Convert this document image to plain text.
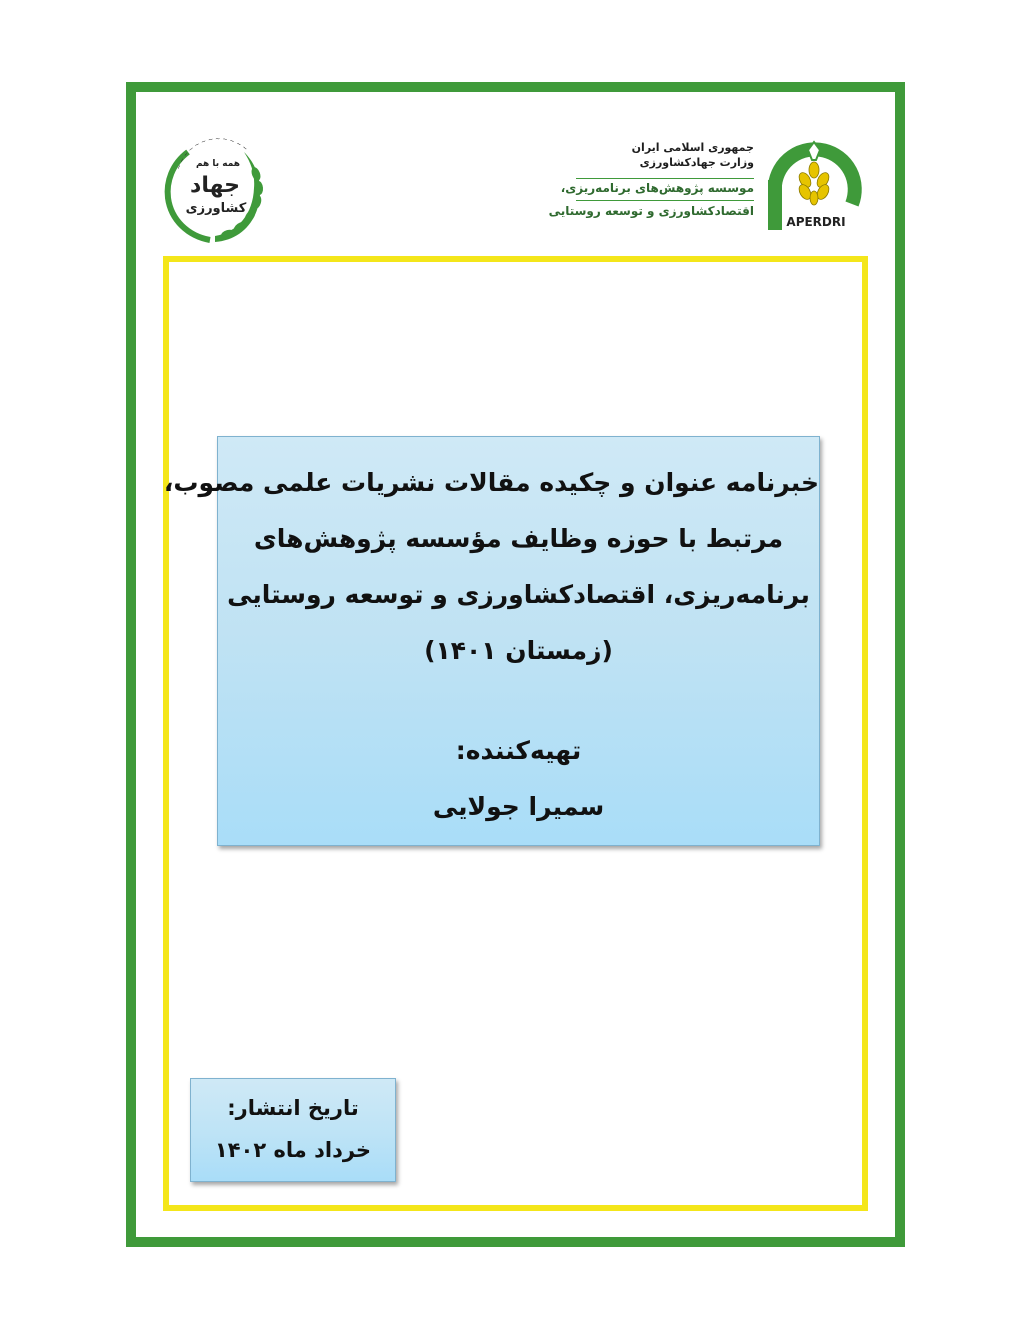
~ ~ ~ ~ ~ ~ ~ ~ ~ ~ ~ ~
همه با هم
جهاد
کشاورزی
جمهوری اسلامی ایران
وزارت جهادکشاورزی
موسسه پژوهش‌های برنامه‌ریزی،
اقتصادکشاورزی و توسعه روستایی
APERDRI

خبرنامه عنوان و چکیده مقالات نشریات علمی مصوب،

مرتبط با حوزه وظایف مؤسسه پژوهش‌های

برنامه‌ریزی، اقتصادکشاورزی و توسعه روستایی

(زمستان ۱۴۰۱)

تهیه‌کننده:

سمیرا جولایی

تاریخ انتشار:

خرداد ماه ۱۴۰۲
